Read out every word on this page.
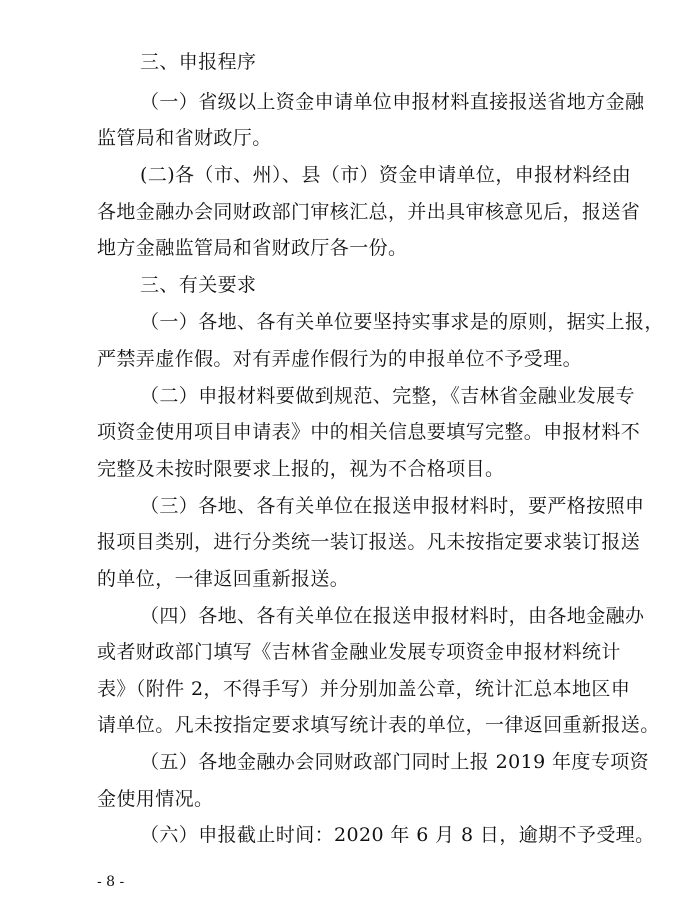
三、申报程序
（一）省级以上资金申请单位申报材料直接报送省地方金融
监管局和省财政厅。
(二)各（市、州）、县（市）资金申请单位，申报材料经由
各地金融办会同财政部门审核汇总，并出具审核意见后，报送省
地方金融监管局和省财政厅各一份。
三、有关要求
（一）各地、各有关单位要坚持实事求是的原则，据实上报，
严禁弄虚作假。对有弄虚作假行为的申报单位不予受理。
（二）申报材料要做到规范、完整，《吉林省金融业发展专
项资金使用项目申请表》中的相关信息要填写完整。申报材料不
完整及未按时限要求上报的，视为不合格项目。
（三）各地、各有关单位在报送申报材料时，要严格按照申
报项目类别，进行分类统一装订报送。凡未按指定要求装订报送
的单位，一律返回重新报送。
（四）各地、各有关单位在报送申报材料时，由各地金融办
或者财政部门填写《吉林省金融业发展专项资金申报材料统计
表》（附件 2，不得手写）并分别加盖公章，统计汇总本地区申
请单位。凡未按指定要求填写统计表的单位，一律返回重新报送。
（五）各地金融办会同财政部门同时上报 2019 年度专项资
金使用情况。
（六）申报截止时间：2020 年 6 月 8 日，逾期不予受理。
- 8 -
